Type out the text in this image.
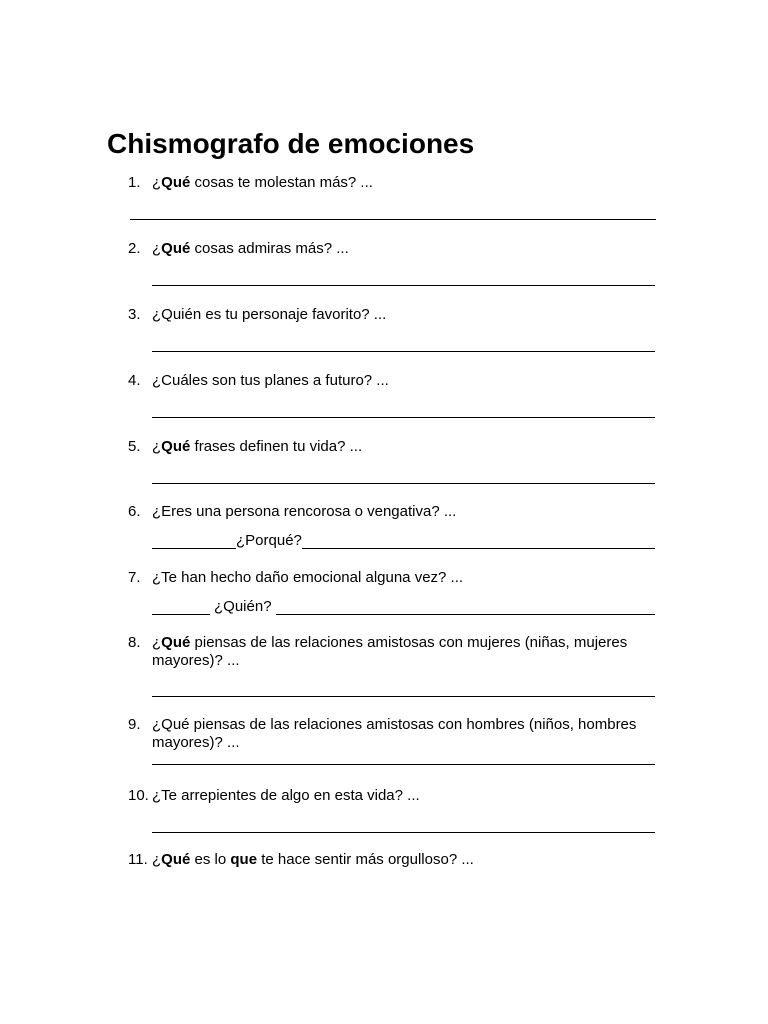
Chismografo de emociones
1. ¿Qué cosas te molestan más? ...
2. ¿Qué cosas admiras más? ...
3. ¿Quién es tu personaje favorito? ...
4. ¿Cuáles son tus planes a futuro? ...
5. ¿Qué frases definen tu vida? ...
6. ¿Eres una persona rencorosa o vengativa? ...
¿Porqué?
7. ¿Te han hecho daño emocional alguna vez? ...
¿Quién?
8. ¿Qué piensas de las relaciones amistosas con mujeres (niñas, mujeres mayores)? ...
9. ¿Qué piensas de las relaciones amistosas con hombres (niños, hombres mayores)? ...
10. ¿Te arrepientes de algo en esta vida? ...
11. ¿Qué es lo que te hace sentir más orgulloso? ...
